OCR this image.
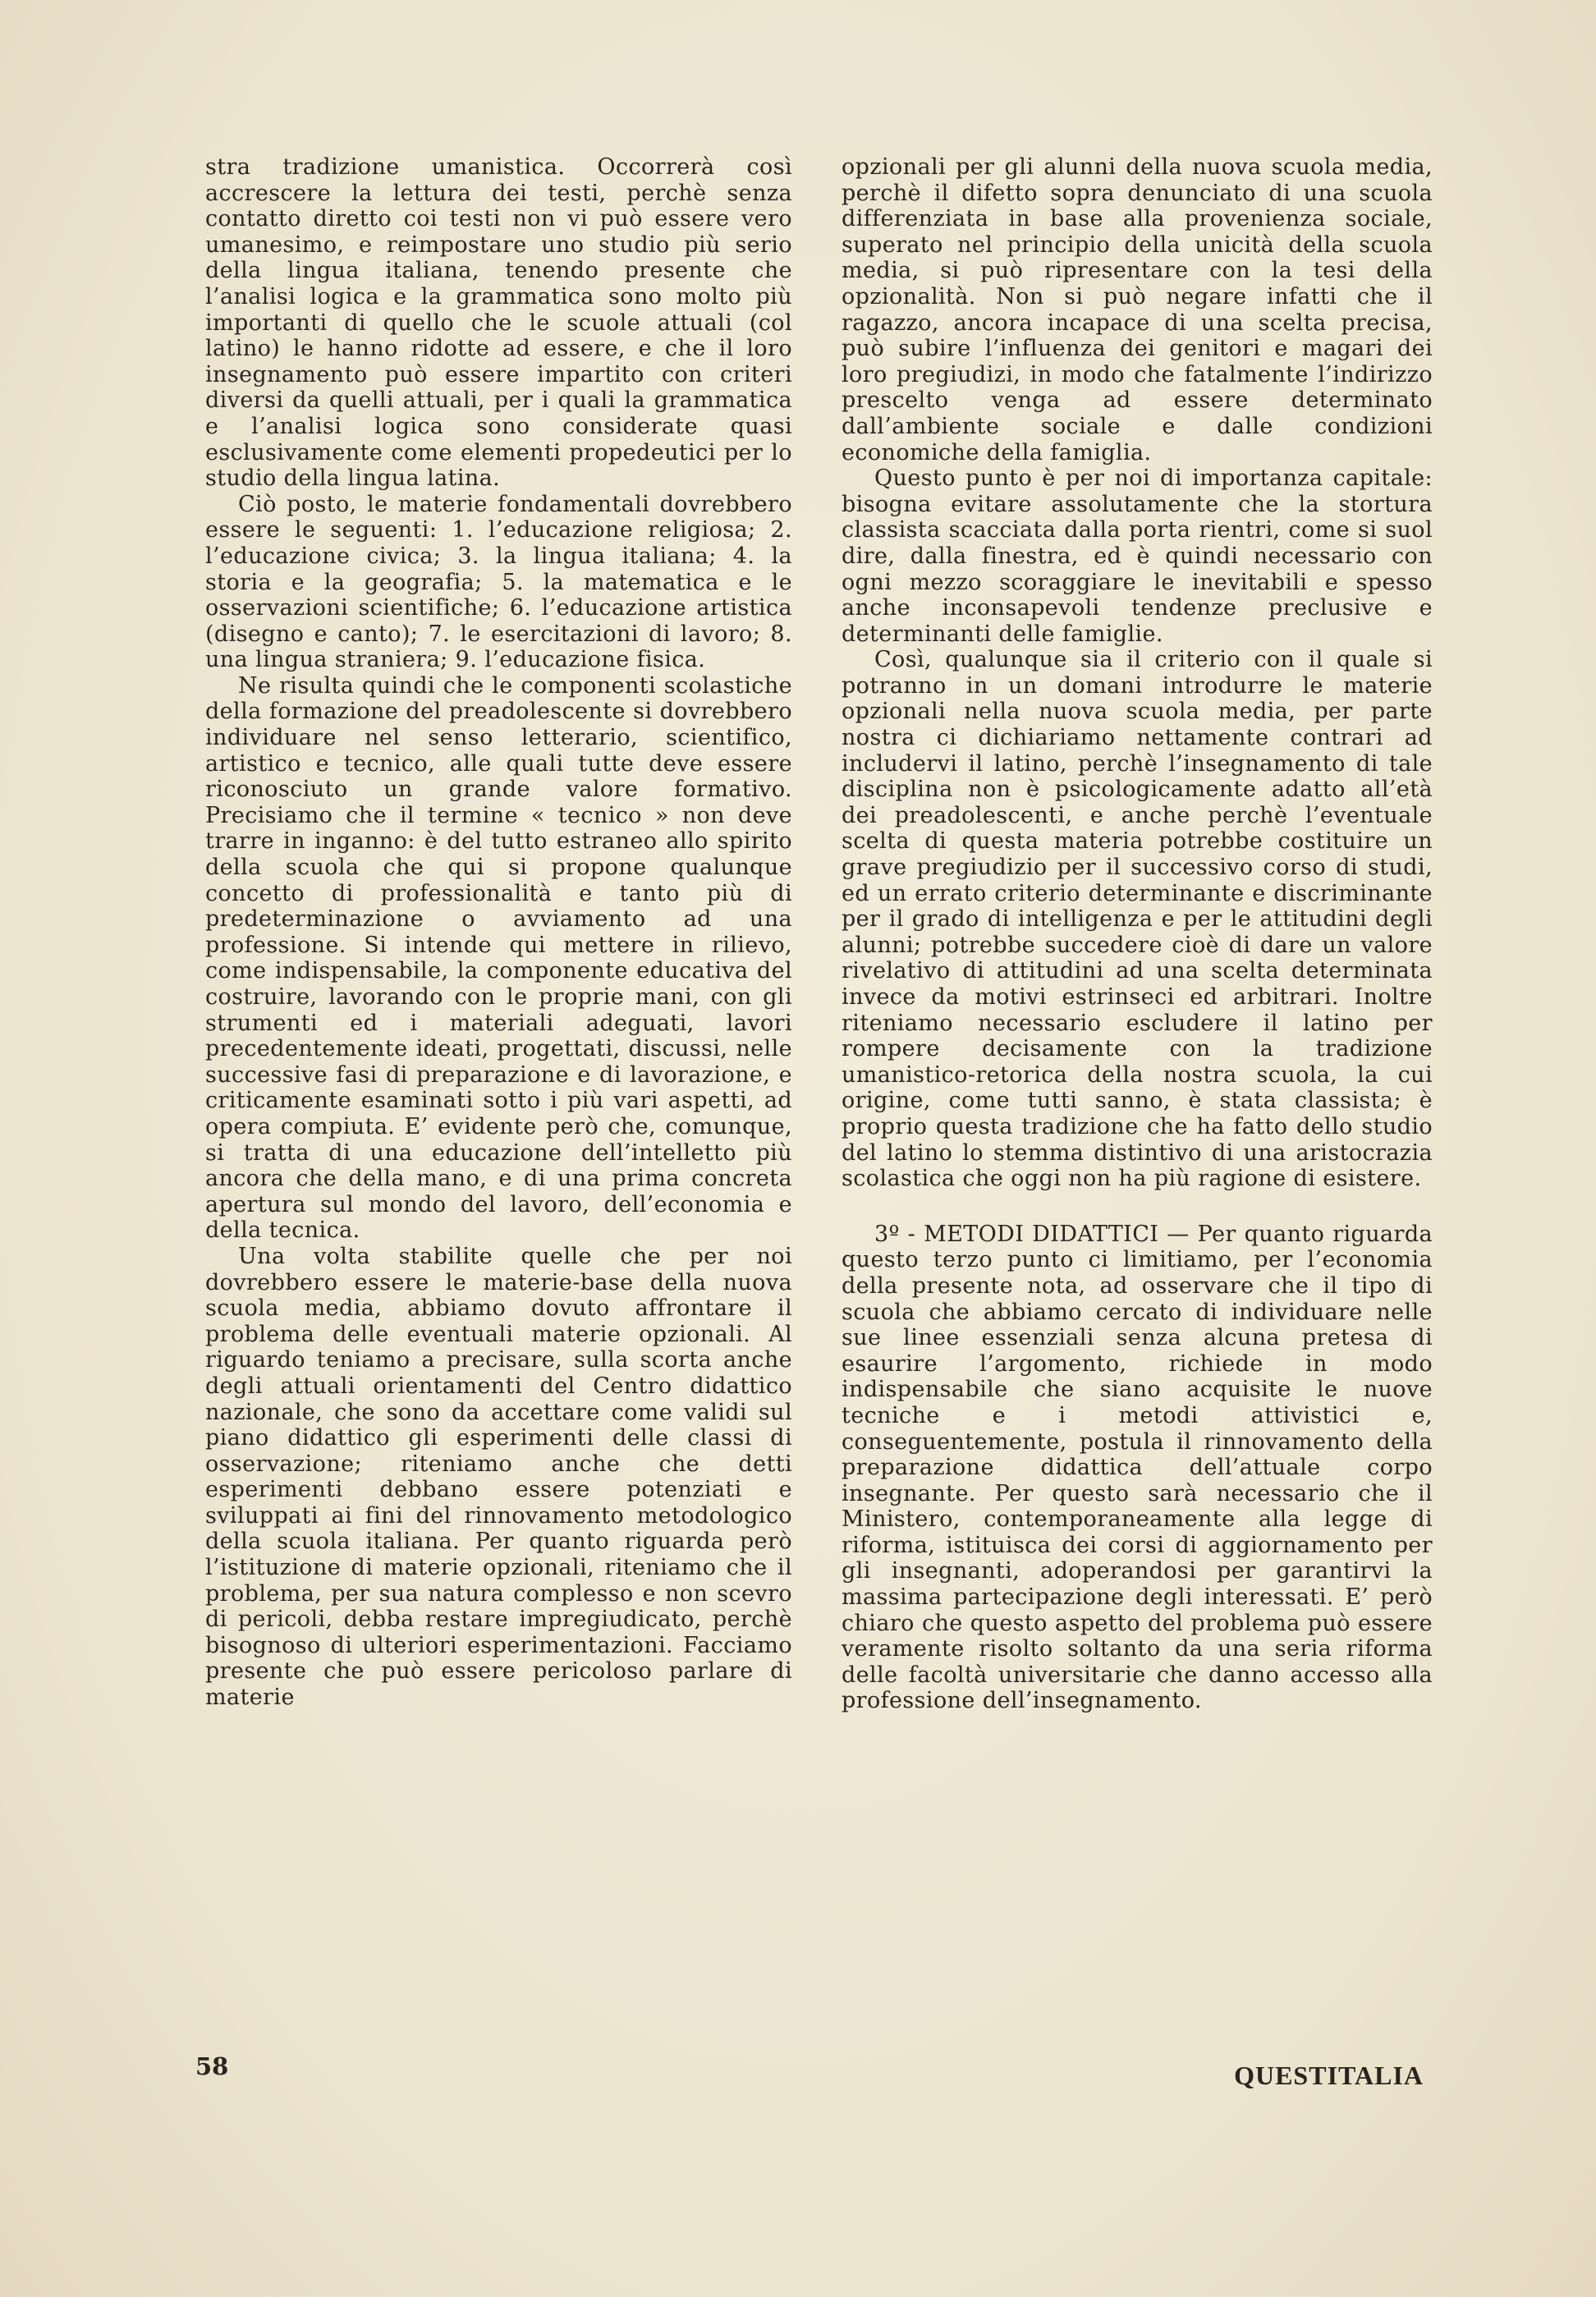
stra tradizione umanistica. Occorrerà così accrescere la lettura dei testi, perchè senza contatto diretto coi testi non vi può essere vero umanesimo, e reimpostare uno studio più serio della lingua italiana, tenendo presente che l’analisi logica e la grammatica sono molto più importanti di quello che le scuole attuali (col latino) le hanno ridotte ad essere, e che il loro insegnamento può essere impartito con criteri diversi da quelli attuali, per i quali la grammatica e l’analisi logica sono considerate quasi esclusivamente come elementi propedeutici per lo studio della lingua latina.

Ciò posto, le materie fondamentali dovrebbero essere le seguenti: 1. l’educazione religiosa; 2. l’educazione civica; 3. la lingua italiana; 4. la storia e la geografia; 5. la matematica e le osservazioni scientifiche; 6. l’educazione artistica (disegno e canto); 7. le esercitazioni di lavoro; 8. una lingua straniera; 9. l’educazione fisica.

Ne risulta quindi che le componenti scolastiche della formazione del preadolescente si dovrebbero individuare nel senso letterario, scientifico, artistico e tecnico, alle quali tutte deve essere riconosciuto un grande valore formativo. Precisiamo che il termine « tecnico » non deve trarre in inganno: è del tutto estraneo allo spirito della scuola che qui si propone qualunque concetto di professionalità e tanto più di predeterminazione o avviamento ad una professione. Si intende qui mettere in rilievo, come indispensabile, la componente educativa del costruire, lavorando con le proprie mani, con gli strumenti ed i materiali adeguati, lavori precedentemente ideati, progettati, discussi, nelle successive fasi di preparazione e di lavorazione, e criticamente esaminati sotto i più vari aspetti, ad opera compiuta. E’ evidente però che, comunque, si tratta di una educazione dell’intelletto più ancora che della mano, e di una prima concreta apertura sul mondo del lavoro, dell’economia e della tecnica.

Una volta stabilite quelle che per noi dovrebbero essere le materie-base della nuova scuola media, abbiamo dovuto affrontare il problema delle eventuali materie opzionali. Al riguardo teniamo a precisare, sulla scorta anche degli attuali orientamenti del Centro didattico nazionale, che sono da accettare come validi sul piano didattico gli esperimenti delle classi di osservazione; riteniamo anche che detti esperimenti debbano essere potenziati e sviluppati ai fini del rinnovamento metodologico della scuola italiana. Per quanto riguarda però l’istituzione di materie opzionali, riteniamo che il problema, per sua natura complesso e non scevro di pericoli, debba restare impregiudicato, perchè bisognoso di ulteriori esperimentazioni. Facciamo presente che può essere pericoloso parlare di materie

opzionali per gli alunni della nuova scuola media, perchè il difetto sopra denunciato di una scuola differenziata in base alla provenienza sociale, superato nel principio della unicità della scuola media, si può ripresentare con la tesi della opzionalità. Non si può negare infatti che il ragazzo, ancora incapace di una scelta precisa, può subire l’influenza dei genitori e magari dei loro pregiudizi, in modo che fatalmente l’indirizzo prescelto venga ad essere determinato dall’ambiente sociale e dalle condizioni economiche della famiglia.

Questo punto è per noi di importanza capitale: bisogna evitare assolutamente che la stortura classista scacciata dalla porta rientri, come si suol dire, dalla finestra, ed è quindi necessario con ogni mezzo scoraggiare le inevitabili e spesso anche inconsapevoli tendenze preclusive e determinanti delle famiglie.

Così, qualunque sia il criterio con il quale si potranno in un domani introdurre le materie opzionali nella nuova scuola media, per parte nostra ci dichiariamo nettamente contrari ad includervi il latino, perchè l’insegnamento di tale disciplina non è psicologicamente adatto all’età dei preadolescenti, e anche perchè l’eventuale scelta di questa materia potrebbe costituire un grave pregiudizio per il successivo corso di studi, ed un errato criterio determinante e discriminante per il grado di intelligenza e per le attitudini degli alunni; potrebbe succedere cioè di dare un valore rivelativo di attitudini ad una scelta determinata invece da motivi estrinseci ed arbitrari. Inoltre riteniamo necessario escludere il latino per rompere decisamente con la tradizione umanistico-retorica della nostra scuola, la cui origine, come tutti sanno, è stata classista; è proprio questa tradizione che ha fatto dello studio del latino lo stemma distintivo di una aristocrazia scolastica che oggi non ha più ragione di esistere.

3º - METODI DIDATTICI — Per quanto riguarda questo terzo punto ci limitiamo, per l’economia della presente nota, ad osservare che il tipo di scuola che abbiamo cercato di individuare nelle sue linee essenziali senza alcuna pretesa di esaurire l’argomento, richiede in modo indispensabile che siano acquisite le nuove tecniche e i metodi attivistici e, conseguentemente, postula il rinnovamento della preparazione didattica dell’attuale corpo insegnante. Per questo sarà necessario che il Ministero, contemporaneamente alla legge di riforma, istituisca dei corsi di aggiornamento per gli insegnanti, adoperandosi per garantirvi la massima partecipazione degli interessati. E’ però chiaro che questo aspetto del problema può essere veramente risolto soltanto da una seria riforma delle facoltà universitarie che danno accesso alla professione dell’insegnamento.

58	QUESTITALIA
